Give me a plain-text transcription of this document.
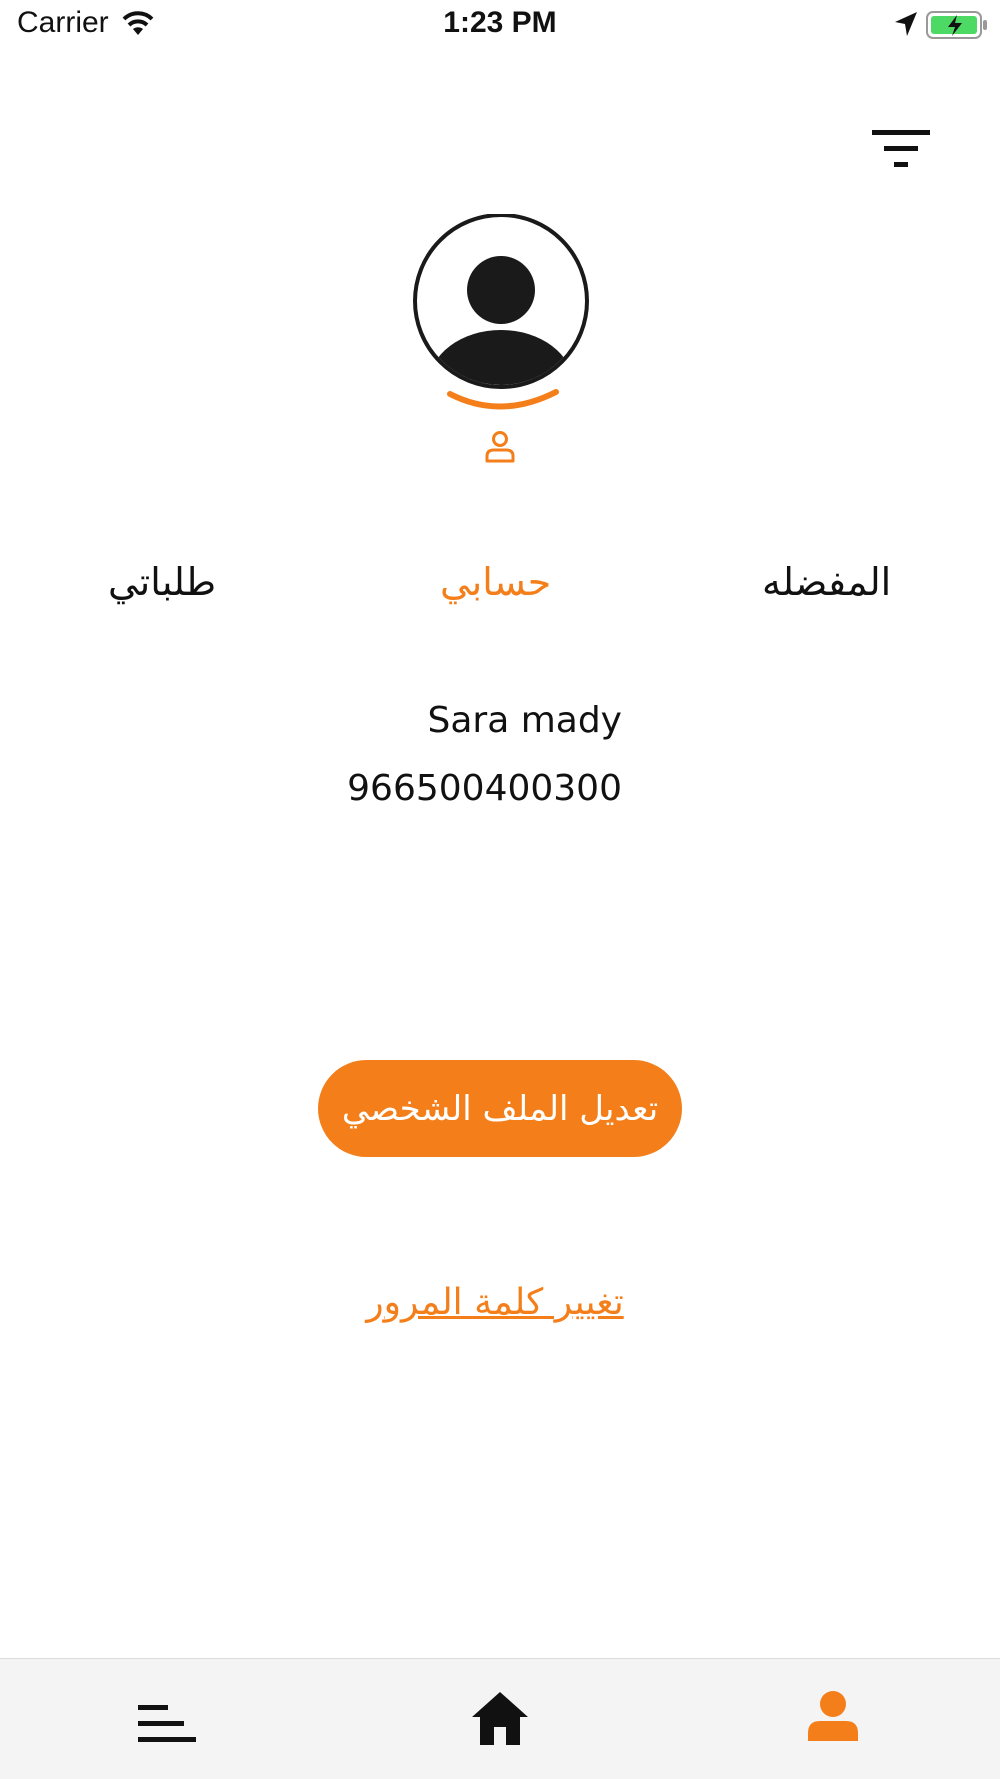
Carrier	1:23 PM
طلباتي	حسابي	المفضله
Sara mady
966500400300
تعديل الملف الشخصي
تغيير كلمة المرور
